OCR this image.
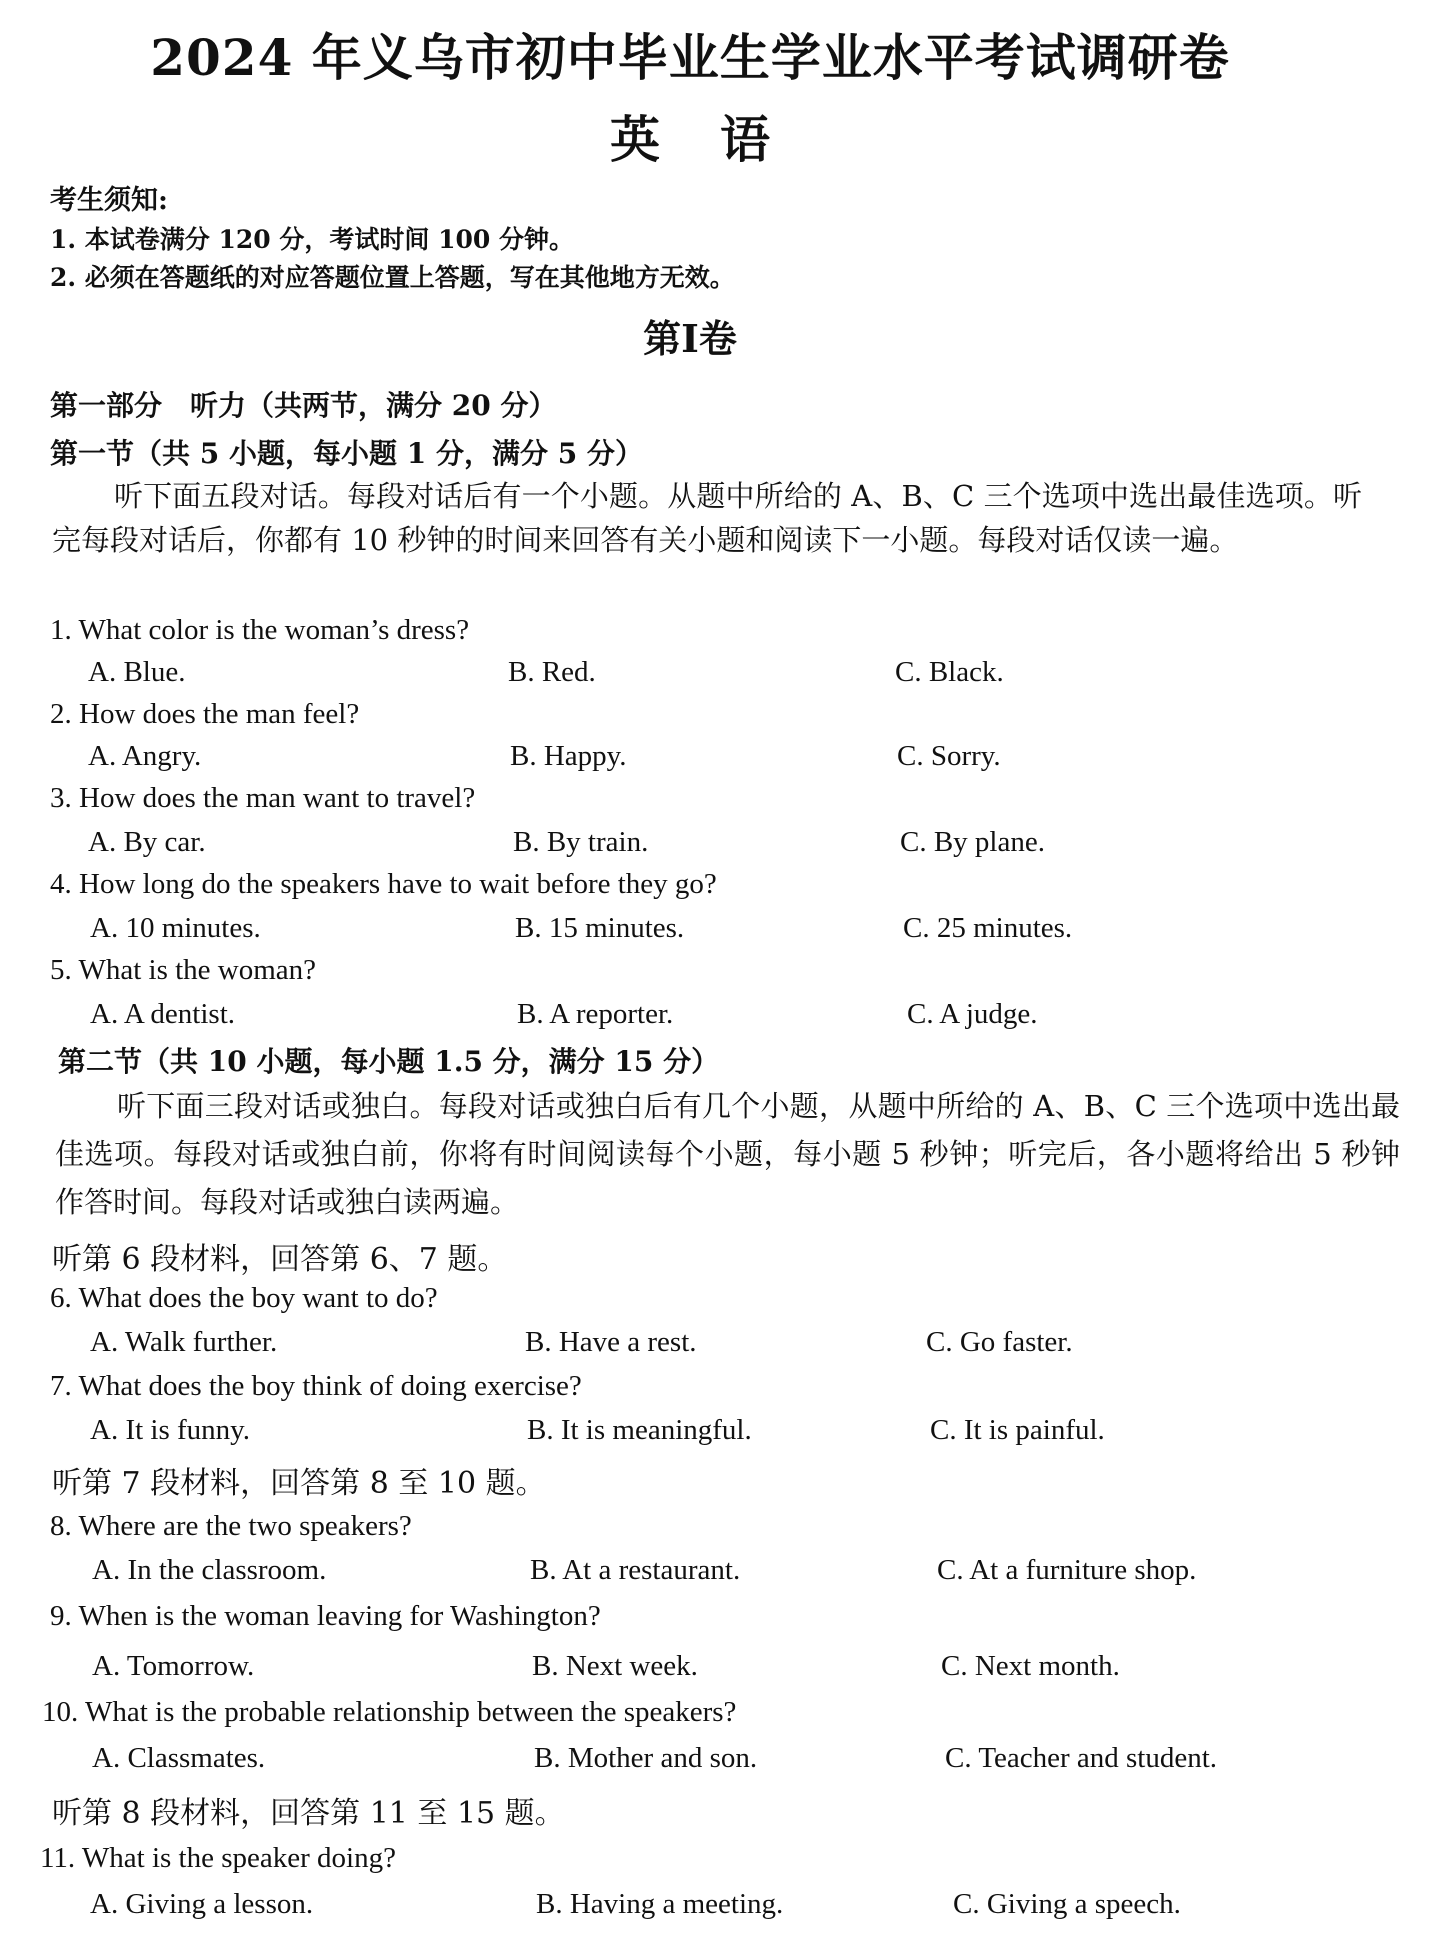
2024 年义乌市初中毕业生学业水平考试调研卷
英语
考生须知:
1. 本试卷满分 120 分，考试时间 100 分钟。
2. 必须在答题纸的对应答题位置上答题，写在其他地方无效。
第Ⅰ卷
第一部分　听力（共两节，满分 20 分）
第一节（共 5 小题，每小题 1 分，满分 5 分）
听下面五段对话。每段对话后有一个小题。从题中所给的 A、B、C 三个选项中选出最佳选项。听完每段对话后，你都有 10 秒钟的时间来回答有关小题和阅读下一小题。每段对话仅读一遍。
1. What color is the woman’s dress?
A. Blue.	B. Red.	C. Black.
2. How does the man feel?
A. Angry.	B. Happy.	C. Sorry.
3. How does the man want to travel?
A. By car.	B. By train.	C. By plane.
4. How long do the speakers have to wait before they go?
A. 10 minutes.	B. 15 minutes.	C. 25 minutes.
5. What is the woman?
A. A dentist.	B. A reporter.	C. A judge.
第二节（共 10 小题，每小题 1.5 分，满分 15 分）
听下面三段对话或独白。每段对话或独白后有几个小题，从题中所给的 A、B、C 三个选项中选出最佳选项。每段对话或独白前，你将有时间阅读每个小题，每小题 5 秒钟；听完后，各小题将给出 5 秒钟作答时间。每段对话或独白读两遍。
听第 6 段材料，回答第 6、7 题。
6. What does the boy want to do?
A. Walk further.	B. Have a rest.	C. Go faster.
7. What does the boy think of doing exercise?
A. It is funny.	B. It is meaningful.	C. It is painful.
听第 7 段材料，回答第 8 至 10 题。
8. Where are the two speakers?
A. In the classroom.	B. At a restaurant.	C. At a furniture shop.
9. When is the woman leaving for Washington?
A. Tomorrow.	B. Next week.	C. Next month.
10. What is the probable relationship between the speakers?
A. Classmates.	B. Mother and son.	C. Teacher and student.
听第 8 段材料，回答第 11 至 15 题。
11. What is the speaker doing?
A. Giving a lesson.	B. Having a meeting.	C. Giving a speech.
